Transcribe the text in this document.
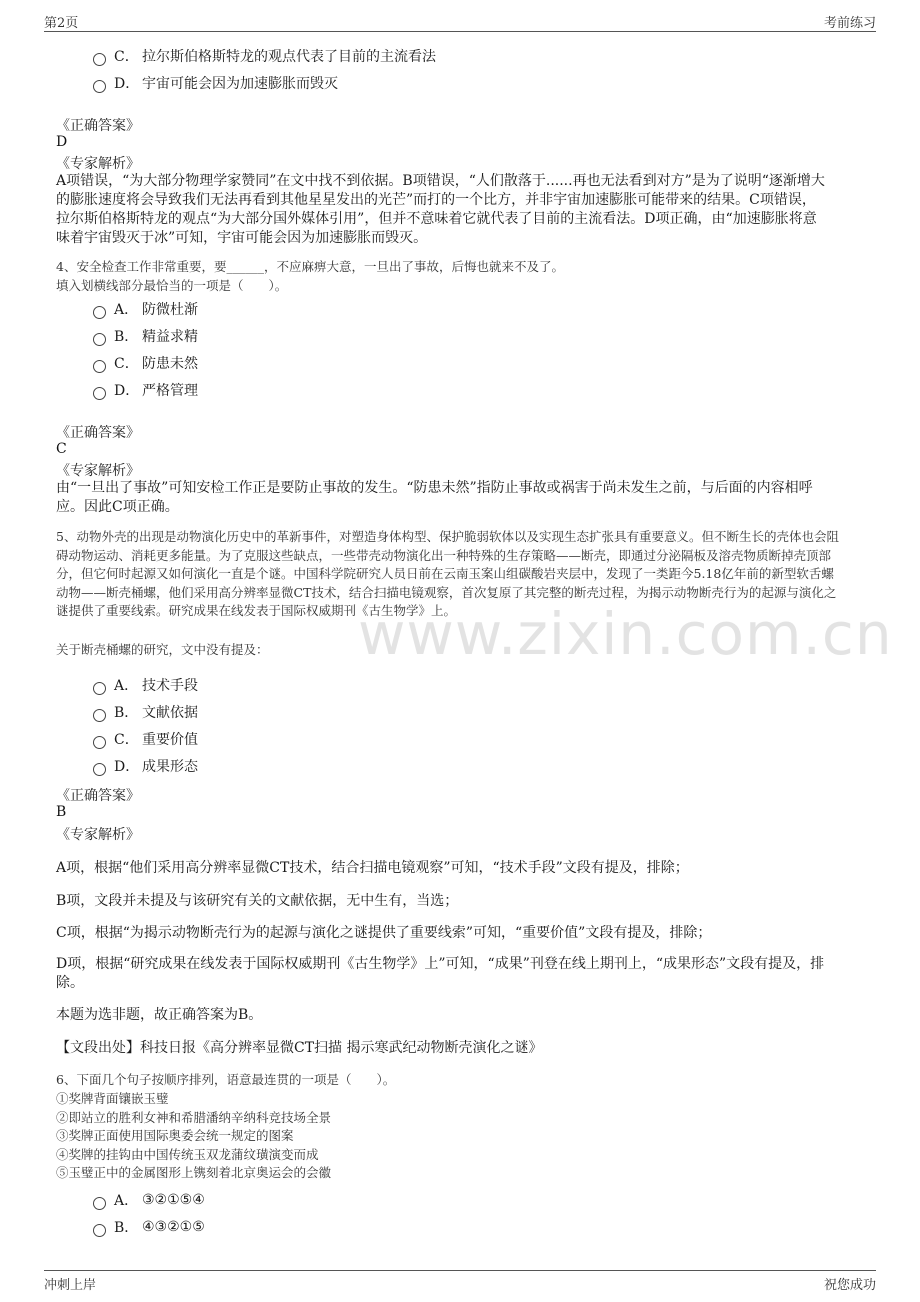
第2页	考前练习
www.zixin.com.cn
C． 拉尔斯伯格斯特龙的观点代表了目前的主流看法
D． 宇宙可能会因为加速膨胀而毁灭
《正确答案》
D
《专家解析》
A项错误，“为大部分物理学家赞同”在文中找不到依据。B项错误，“人们散落于......再也无法看到对方”是为了说明“逐渐增大
的膨胀速度将会导致我们无法再看到其他星星发出的光芒”而打的一个比方，并非宇宙加速膨胀可能带来的结果。C项错误，
拉尔斯伯格斯特龙的观点“为大部分国外媒体引用”，但并不意味着它就代表了目前的主流看法。D项正确，由“加速膨胀将意
味着宇宙毁灭于冰”可知，宇宙可能会因为加速膨胀而毁灭。
4、安全检查工作非常重要，要______，不应麻痹大意，一旦出了事故，后悔也就来不及了。
填入划横线部分最恰当的一项是（　　）。
A． 防微杜渐
B． 精益求精
C． 防患未然
D． 严格管理
《正确答案》
C
《专家解析》
由“一旦出了事故”可知安检工作正是要防止事故的发生。“防患未然”指防止事故或祸害于尚未发生之前，与后面的内容相呼
应。因此C项正确。
5、动物外壳的出现是动物演化历史中的革新事件，对塑造身体构型、保护脆弱软体以及实现生态扩张具有重要意义。但不断生长的壳体也会阻
碍动物运动、消耗更多能量。为了克服这些缺点，一些带壳动物演化出一种特殊的生存策略——断壳，即通过分泌隔板及溶壳物质断掉壳顶部
分，但它何时起源又如何演化一直是个谜。中国科学院研究人员日前在云南玉案山组碳酸岩夹层中，发现了一类距今5.18亿年前的新型软舌螺
动物——断壳桶螺，他们采用高分辨率显微CT技术，结合扫描电镜观察，首次复原了其完整的断壳过程，为揭示动物断壳行为的起源与演化之
谜提供了重要线索。研究成果在线发表于国际权威期刊《古生物学》上。
关于断壳桶螺的研究，文中没有提及：
A． 技术手段
B． 文献依据
C． 重要价值
D． 成果形态
《正确答案》
B
《专家解析》
A项，根据“他们采用高分辨率显微CT技术，结合扫描电镜观察”可知，“技术手段”文段有提及，排除；
B项，文段并未提及与该研究有关的文献依据，无中生有，当选；
C项，根据“为揭示动物断壳行为的起源与演化之谜提供了重要线索”可知，“重要价值”文段有提及，排除；
D项，根据“研究成果在线发表于国际权威期刊《古生物学》上”可知，“成果”刊登在线上期刊上，“成果形态”文段有提及，排
除。
本题为选非题，故正确答案为B。
【文段出处】科技日报《高分辨率显微CT扫描 揭示寒武纪动物断壳演化之谜》
6、下面几个句子按顺序排列，语意最连贯的一项是（　　）。
①奖牌背面镶嵌玉璧
②即站立的胜利女神和希腊潘纳辛纳科竞技场全景
③奖牌正面使用国际奥委会统一规定的图案
④奖牌的挂钩由中国传统玉双龙蒲纹璜演变而成
⑤玉璧正中的金属图形上镌刻着北京奥运会的会徽
A． ③②①⑤④
B． ④③②①⑤
冲刺上岸	祝您成功
